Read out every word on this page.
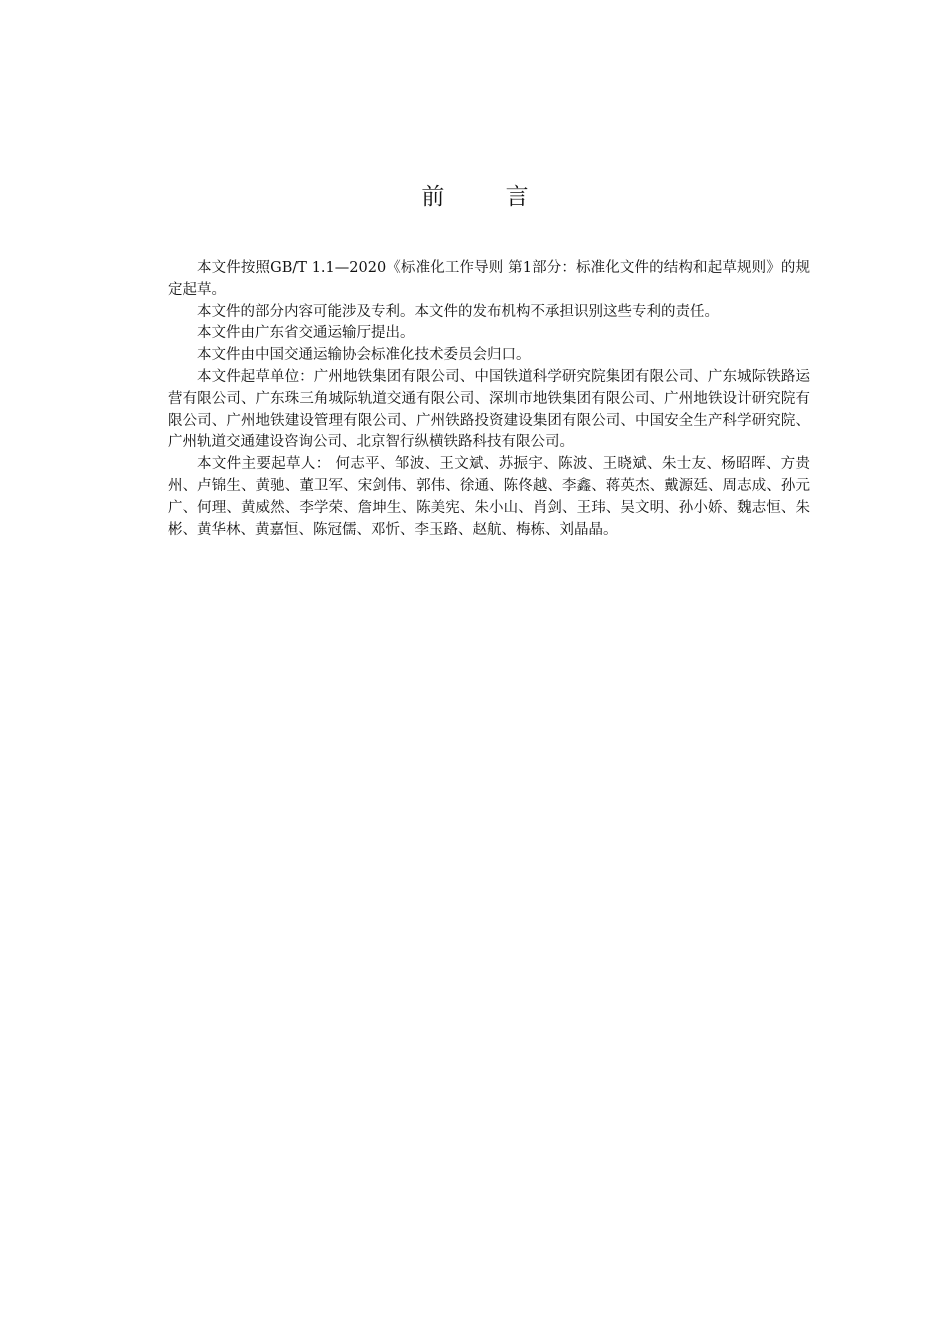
前 言

本文件按照GB/T 1.1—2020《标准化工作导则 第1部分：标准化文件的结构和起草规则》的规定起草。

本文件的部分内容可能涉及专利。本文件的发布机构不承担识别这些专利的责任。

本文件由广东省交通运输厅提出。

本文件由中国交通运输协会标准化技术委员会归口。

本文件起草单位：广州地铁集团有限公司、中国铁道科学研究院集团有限公司、广东城际铁路运营有限公司、广东珠三角城际轨道交通有限公司、深圳市地铁集团有限公司、广州地铁设计研究院有限公司、广州地铁建设管理有限公司、广州铁路投资建设集团有限公司、中国安全生产科学研究院、广州轨道交通建设咨询公司、北京智行纵横铁路科技有限公司。

本文件主要起草人： 何志平、邹波、王文斌、苏振宇、陈波、王晓斌、朱士友、杨昭晖、方贵州、卢锦生、黄驰、董卫军、宋剑伟、郭伟、徐通、陈佟越、李鑫、蒋英杰、戴源廷、周志成、孙元广、何理、黄威然、李学荣、詹坤生、陈美宪、朱小山、肖剑、王玮、吴文明、孙小娇、魏志恒、朱彬、黄华林、黄嘉恒、陈冠儒、邓忻、李玉路、赵航、梅栋、刘晶晶。
